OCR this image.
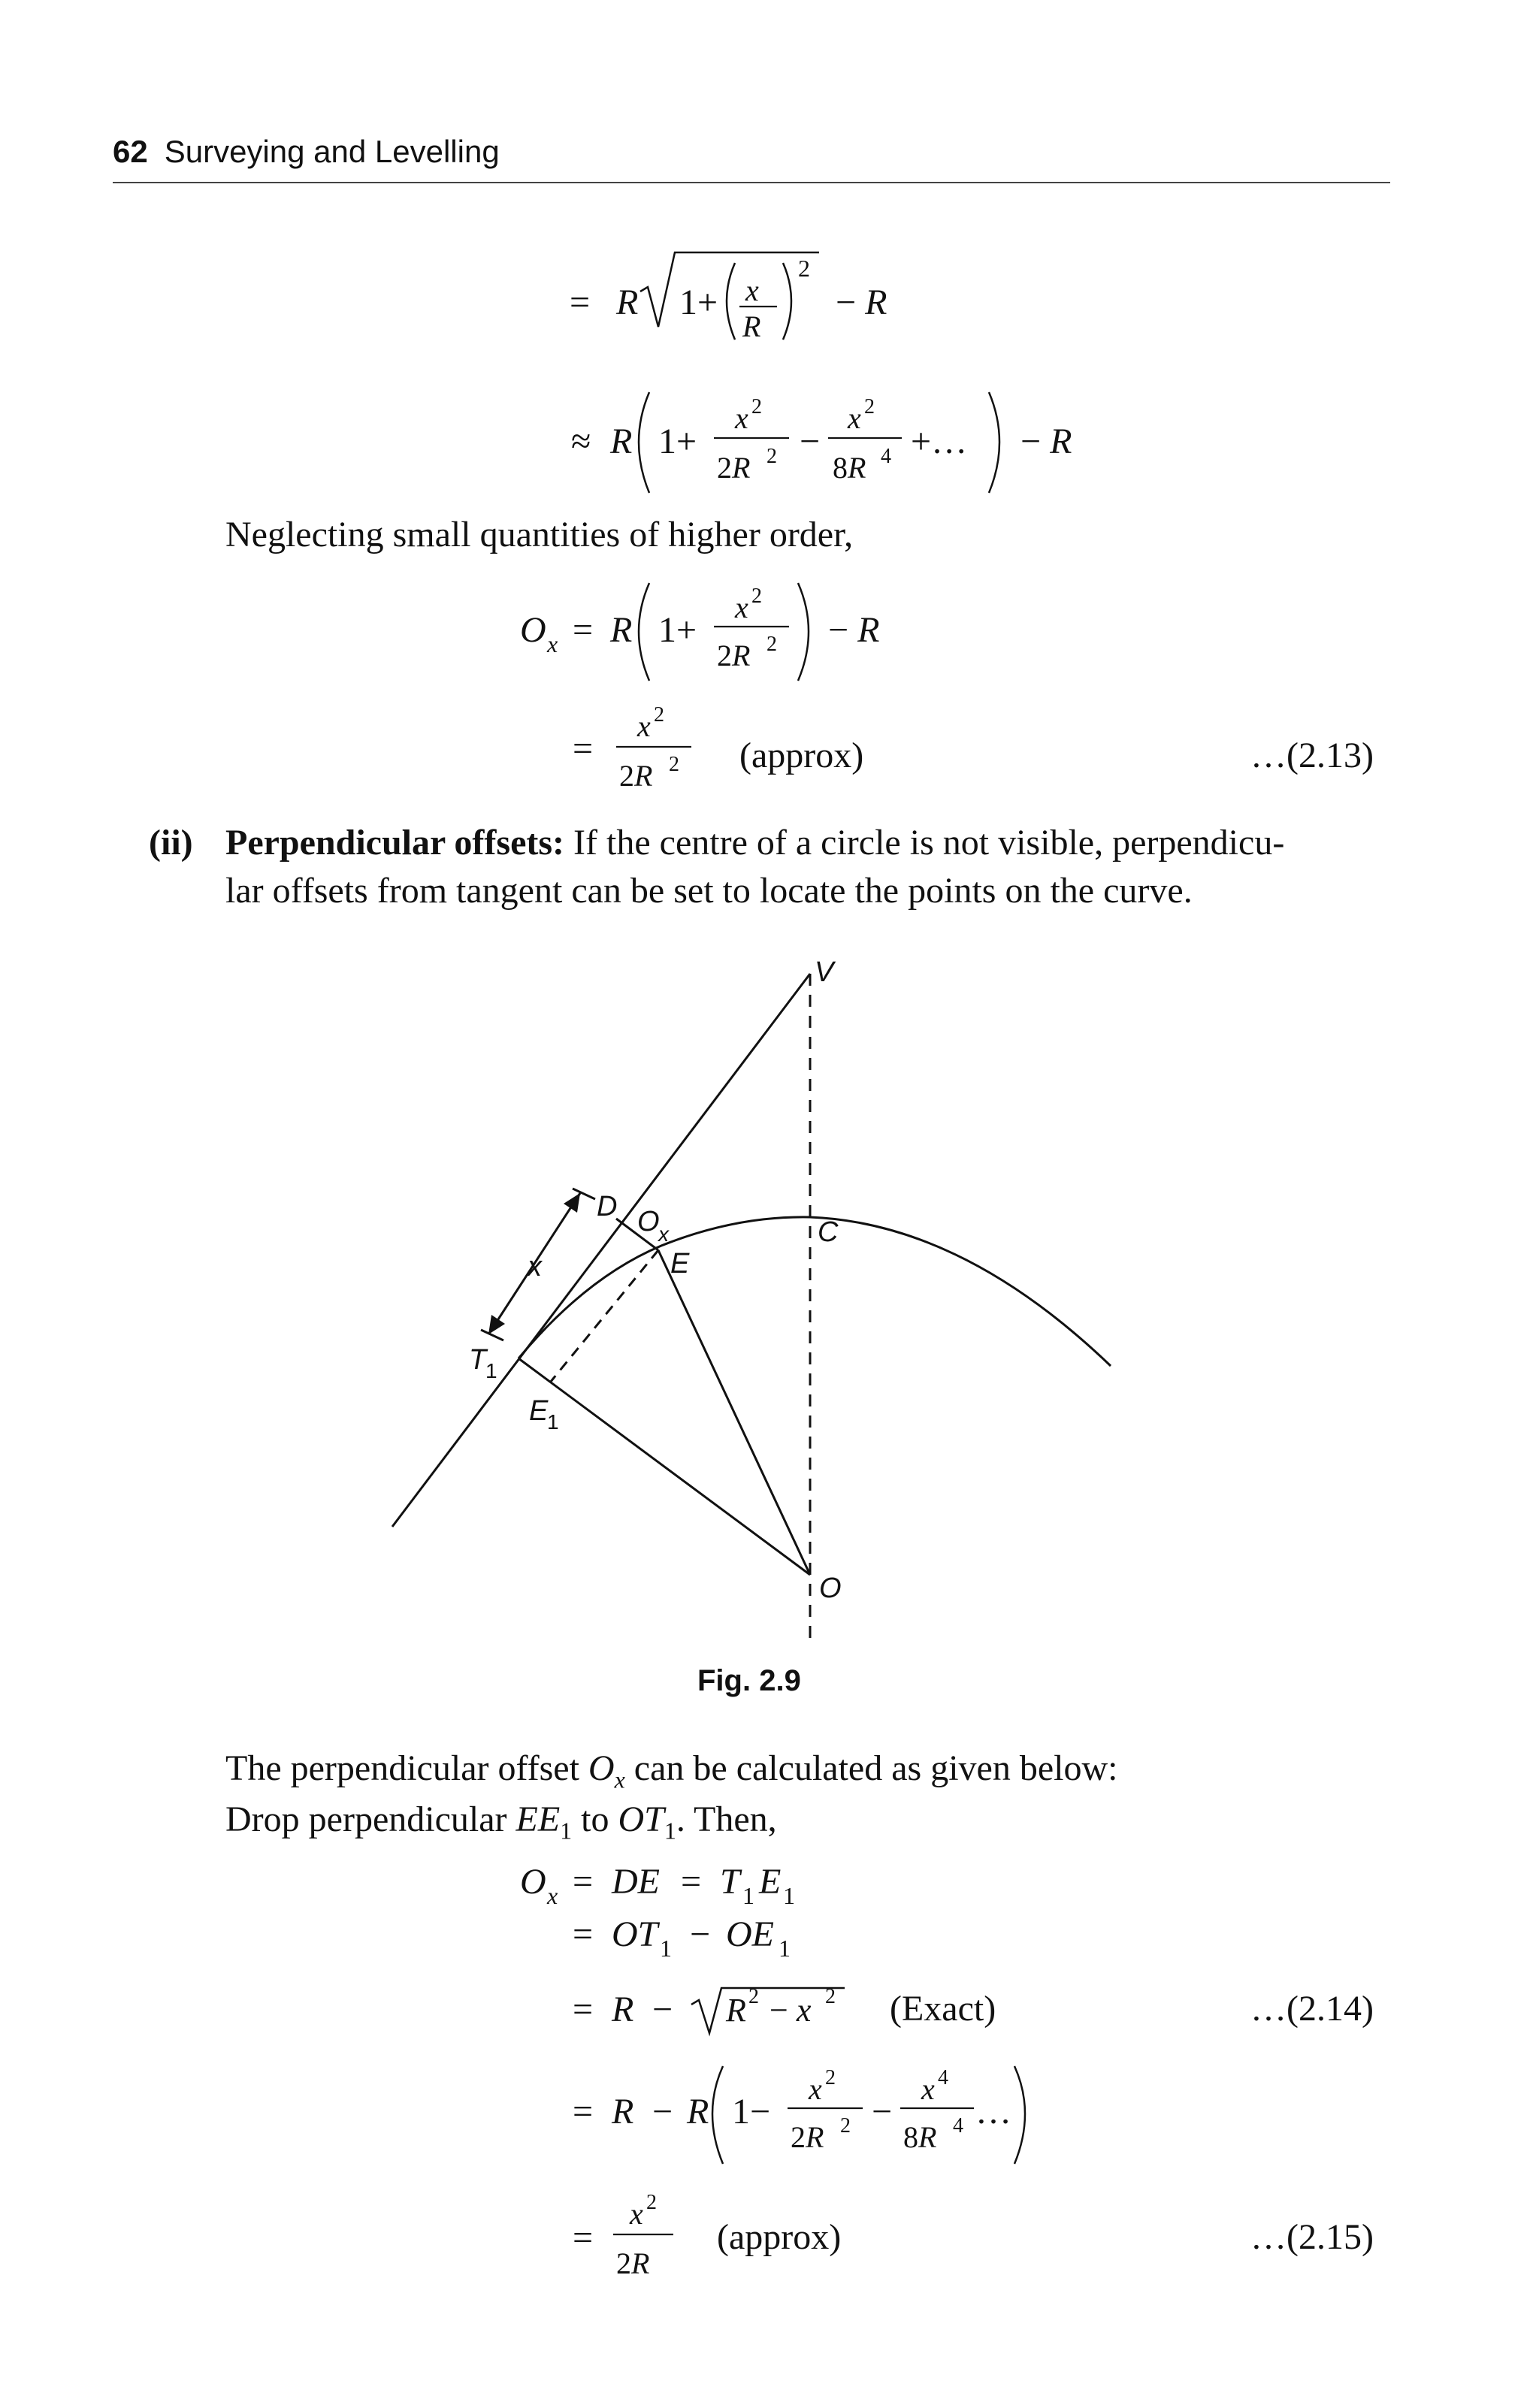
62 Surveying and Levelling
= R 1+ x
R
2
− R
≈ R 1+
x 2
2R 2 −
x 2
8R 4 +… − R
O x = R 1+
x 2
2R 2 − R
=
x 2
2R 2
Neglecting small quantities of higher order,
(approx)	…(2.13)
(ii) Perpendicular offsets: If the centre of a circle is not visible, perpendicu-
lar offsets from tangent can be set to locate the points on the curve.
V
D O
x
E
C
x
T
1
E
1
O
Fig. 2.9
The perpendicular offset $O_x$ can be calculated as given below:
Drop perpendicular $EE_1$ to $OT_1$. Then,
O x = DE = T 1 E 1
= OT 1 − OE 1
= R − R 2 − x 2
= R − R 1−
x 2
2R 2 −
x 4
8R 4 …
=
x 2
2R
(Exact)	…(2.14)
(approx)	…(2.15)
